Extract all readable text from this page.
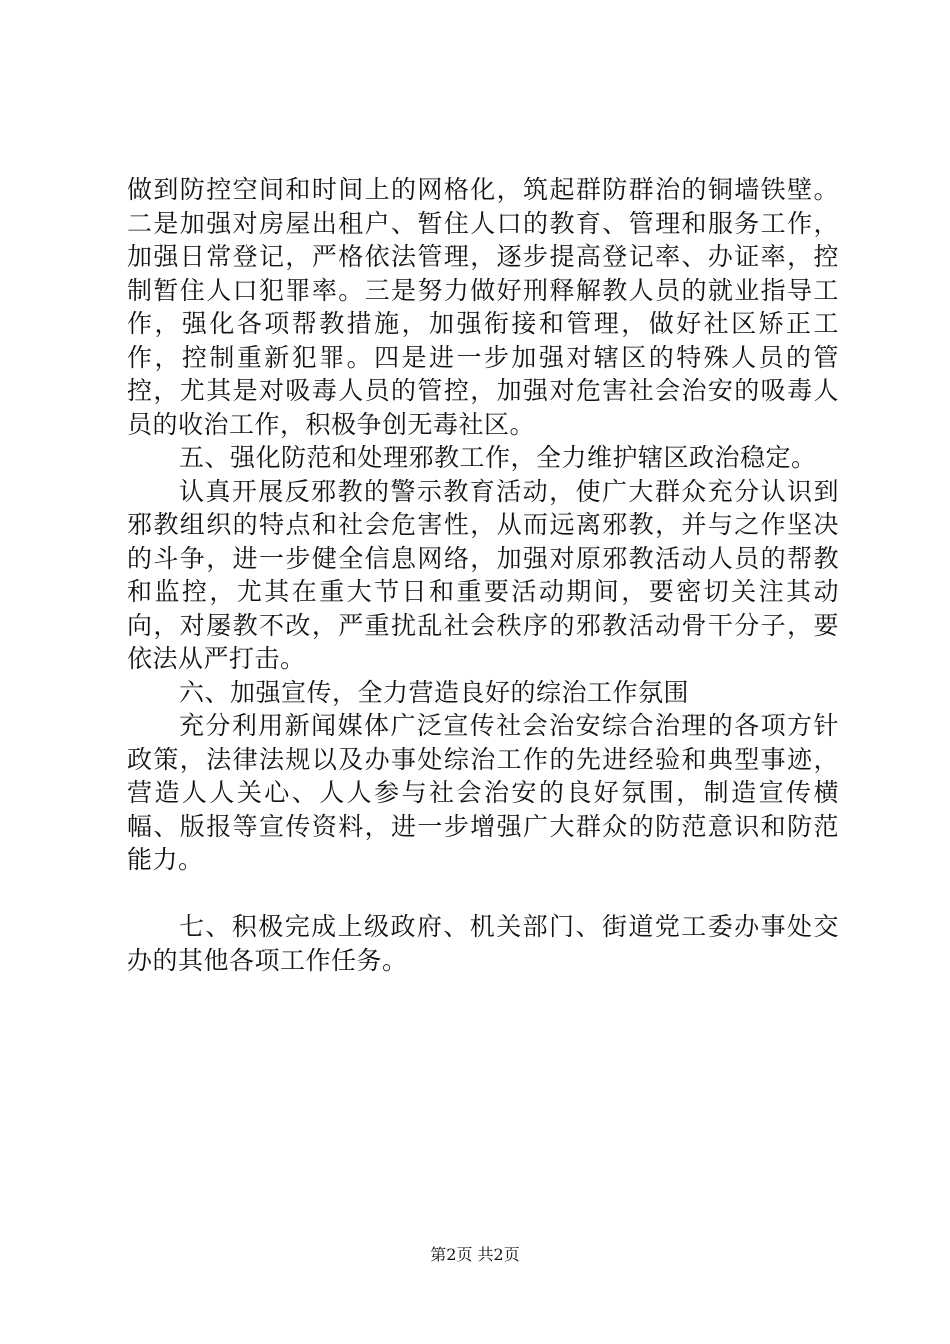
做到防控空间和时间上的网格化，筑起群防群治的铜墙铁壁。二是加强对房屋出租户、暂住人口的教育、管理和服务工作，加强日常登记，严格依法管理，逐步提高登记率、办证率，控制暂住人口犯罪率。三是努力做好刑释解教人员的就业指导工作，强化各项帮教措施，加强衔接和管理，做好社区矫正工作，控制重新犯罪。四是进一步加强对辖区的特殊人员的管控，尤其是对吸毒人员的管控，加强对危害社会治安的吸毒人员的收治工作，积极争创无毒社区。

五、强化防范和处理邪教工作，全力维护辖区政治稳定。

认真开展反邪教的警示教育活动，使广大群众充分认识到邪教组织的特点和社会危害性，从而远离邪教，并与之作坚决的斗争，进一步健全信息网络，加强对原邪教活动人员的帮教和监控，尤其在重大节日和重要活动期间，要密切关注其动向，对屡教不改，严重扰乱社会秩序的邪教活动骨干分子，要依法从严打击。

六、加强宣传，全力营造良好的综治工作氛围

充分利用新闻媒体广泛宣传社会治安综合治理的各项方针政策，法律法规以及办事处综治工作的先进经验和典型事迹，营造人人关心、人人参与社会治安的良好氛围，制造宣传横幅、版报等宣传资料，进一步增强广大群众的防范意识和防范能力。

七、积极完成上级政府、机关部门、街道党工委办事处交办的其他各项工作任务。

第2页 共2页
